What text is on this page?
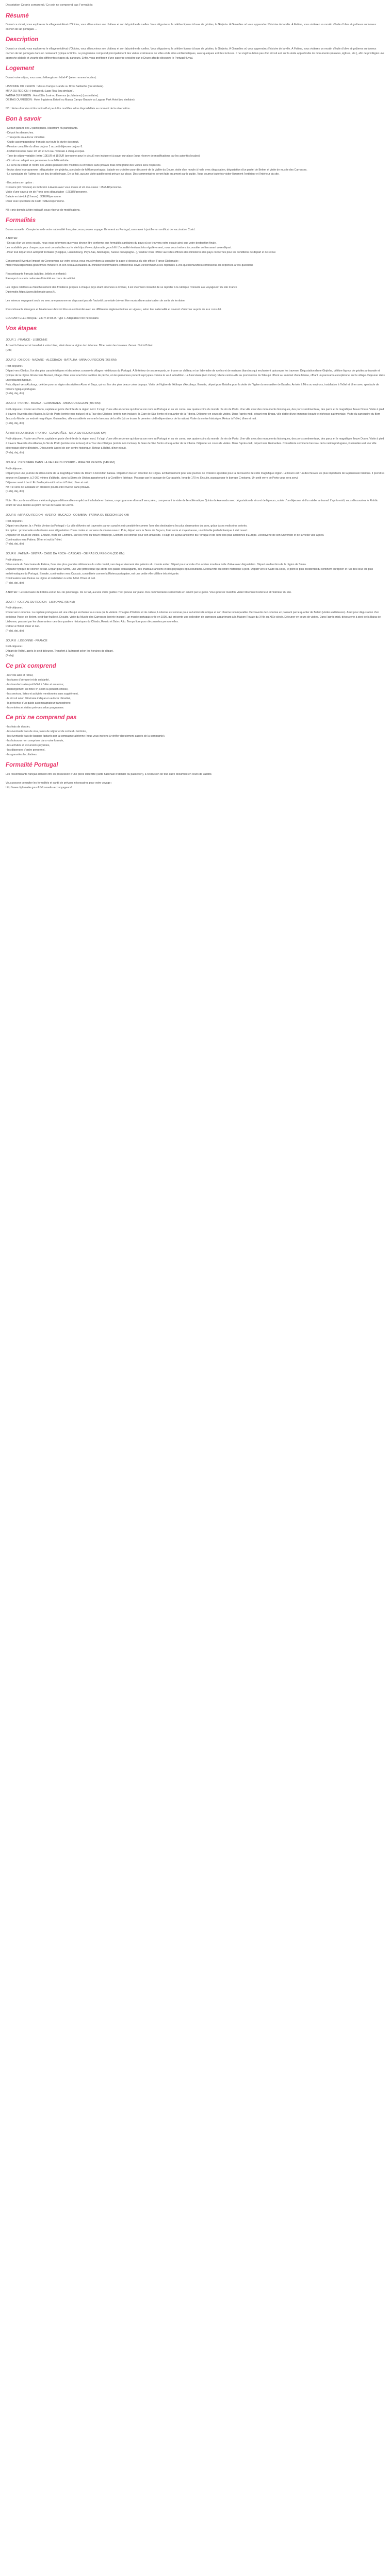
Description Ce prix comprend / Ce prix ne comprend pas Formalités
Résumé

Durant ce circuit, vous explorerez le village médiéval d'Óbidos, vous découvrirez son château et son labyrinthe de ruelles. Vous dégusterez la célèbre liqueur à base de griottes, la Ginjinha. À Gimarães où vous apprendrez l'histoire de la ville. À Fatima, vous visiterez un moulin d'huile d'olive et goûterez au fameux cochon de lait portugais ...

Description

Durant ce circuit, vous explorerez le village médiéval d'Óbidos, vous découvrirez son château et son labyrinthe de ruelles. Vous dégusterez la célèbre liqueur à base de griottes, la Ginjinha. À Gimarães où vous apprendrez l'histoire de la ville. À Fatima, vous visiterez un moulin d'huile d'olive et goûterez au fameux cochon de lait portugais dans un restaurant typique à Sintra. Le programme comprend principalement des visites extérieures de villes et de sites emblématiques, avec quelques entrées incluses. Il ne s'agit toutefois pas d'un circuit axé sur la visite approfondie de monuments (musées, églises, etc.), afin de privilégier une approche globale et vivante des différentes étapes du parcours. Enfin, vous profiterez d'une superbe croisière sur le Douro afin de découvrir le Portugal fluvial.

Logement

Durant votre séjour, vous serez hébergés en hôtel 4* (selon normes locales) :

LISBONNE OU REGION : Massa Campo Grande ou Dmoi Saldanha (ou similaire).
MIRA OU REGION : Heritade du Lago Real (ou similaire).
FATIMA OU REGION : Hotel São José ou Essence (ex Mariano) (ou similaire).
OEIRAS OU REGION : Hotel Inglaterra Estoril ou Massa Campo Grande ou Lagoas Park Hotel (ou similaire).

NB : Notes données à titre indicatif et peut être modifiés selon disponibilités au moment de la réservation.

Bon à savoir
- Départ garanti dès 2 participants. Maximum 45 participants.
- Départ les dimanches.
- Transports en autocar climatisé.
- Guide accompagnateur francais sur toute la durée du circuit.
- Pension complète du dîner du jour 1 au petit déjeuner du jour 8.
- Forfait boissons base 1/4 vin et 1/4 eau minérale à chaque repas.
- Taxe de séjour variable (entre 10EUR et 15EUR /personne pour le circuit) non incluse et à payer sur place (sous réserve de modifications par les autorités locales)
- Circuit non adapté aux personnes à mobilité réduite.
- Le sens du circuit et l'ordre des visites peuvent être modifiés ou inversés sans préavis mais l'intégralité des visites sera respectée.
- Inclus dans le programme : dégustation de ginjinha, spectacle de folklore portugais, balade en croisière pour découvrir de la Vallée du Douro, visite d'un moulin à huile avec dégustation, dégustation d'un pastel de Belem et visite de musée des Carrosses.
- Le sanctuaire de Fatima est un lieu de pèlerinage. De ce fait, aucune visite guidée n'est prévue sur place. Des commentaires seront faits en amont par le guide. Vous pourrez toutefois visiter librement l'extérieur et l'intérieur du site.
- Excursions en option :
Croisière (45 minutes) en moliceiro à Aveiro avec vous moles et vin mousseux : 25EUR/personne.
Visite d'une cave à vin de Porto avec dégustation : 17EUR/personne.
Balade en tuk-tuk (1 heure) : 33EUR/personne.
Dîner avec spectacle de Fado : 68EUR/personne.

NB : prix donnés à titre indicatif, sous réserve de modifications.

Formalités

Bonne nouvelle : Compte tenu de votre nationalité française, vous pouvez voyager librement au Portugal, sans avoir à justifier un certificat de vaccination Covid.

A NOTER

- En cas d'un vol avec escale, nous vous informons que vous devrez être conforme aux formalités sanitaires du pays où se trouvera votre escale ainsi que votre destination finale.
Les modalités pour chaque pays sont consultables sur le site https://www.diplomatie.gouv.fr/fr/ L'actualité évoluant très régulièrement, nous vous invitons à consulter ce lien avant votre départ.
- Pour tout départ d'un aéroport frontalier (Belgique, Luxembourg, Pays-Bas, Allemagne, Suisse ou Espagne...), veuillez vous référer aux sites officiels des ministères des pays concernés pour les conditions de départ et de retour.

Concernant l'éventuel impact du Coronavirus sur votre séjour, nous vous invitons à consulter la page ci-dessous du site officiel France Diplomatie :
https://www.diplomatie.gouv.fr/fr/le-ministere-et-son-reseau/actualites-du-ministere/informations-coronavirus-covid-19/coronavirus-les-reponses-a-vos-questions/article/coronavirus-les-reponses-a-vos-questions

Ressortissants français (adultes, bébés et enfants) :
Passeport ou carte nationale d'identité en cours de validité.

Les règles relatives au franchissement des frontières propres à chaque pays étant amenées à évoluer, il est vivement conseillé de se reporter à la rubrique "conseils aux voyageurs" du site France
Diplomatie,https://www.diplomatie.gouv.fr/.

Les mineurs voyageant seuls ou avec une personne ne disposant pas de l'autorité parentale doivent être munis d'une autorisation de sortie de territoire.

Ressortissants étrangers et binationaux devront être en conformité avec les différentes réglementations en vigueur, selon leur nationalité et devront s'informer auprès de leur consulat.

COURANT ELECTRIQUE : 230 V et 50Hz. Type F. Adaptateur non nécessaire.

Vos étapes
JOUR 1 : FRANCE - LISBONNE

Accueil à l'aéroport et transfert à votre hôtel, situé dans la région de Lisbonne. Dîner selon les horaires d'envol. Nuit à l'hôtel.
(Dm)

JOUR 2 : OBIDOS - NAZARE - ALCOBACA - BATALHA - MIRA OU REGION (265 KM)

Petit-déjeuner.
Départ vers Obidos, l'un des plus caractéristiques et des mieux conservés villages médiévaux du Portugal. À l'intérieur de ses remparts, on trouve un château et un labyrinthe de ruelles et de maisons blanches qui enchantent quiconque les traverse. Dégustation d'une Ginjinha, célèbre liqueur de griottes artisanale et typique de la région. Route vers Nazaré, village côtier avec une forte tradition de pêche, où les personnes portent sept jupes comme le veut la tradition. Le funiculaire (non inclus) relie le centre-ville au promontoire du Sitio qui offrent au sommet d'une falaise, offrant un panorama exceptionnel sur le village. Déjeuner dans un restaurant typique.
Puis, départ vers Alcobaça, célèbre pour sa région des rivières Alcoa et Baça, qui est l'un des plus beaux coins du pays. Visite de l'église de l'Abbaye d'Alcobaça. Ensuite, départ pour Batalha pour la visite de l'église du monastère de Batalha. Arrivée à Mira ou environs, installation à l'hôtel et dîner avec spectacle de folklore typique portugais.
(P-dej, dej, din)

JOUR 3 : PORTO - BRAGA - GUIMARAES - MIRA OU REGION (300 KM)

Petit-déjeuner. Route vers Porto, capitale et porte d'entrée de la région nord. Il s'agit d'une ville ancienne qui donna son nom au Portugal et au vin connu aux quatre coins du monde : le vin de Porto. Une ville avec des monuments historiques, des ports sentimentaux, des parcs et le magnifique fleuve Douro. Visite à pied à travers l'Avenida dos Aliados, la Sé de Porto (entrée non incluse) et la Tour des Clérigos (entrée non incluse), la Gare de São Bento et le quartier de la Ribeira. Déjeuner en cours de visites. Dans l'après-midi, départ vers Braga, ville dotée d'une immense beauté et richesse patrimoniale. Visite du sanctuaire du Bom Jesus do Monte, un endroit magnifique. Guimarães, ville considérée comme le berceau de la ville (où se trouve le premier roi d'indépendance de la nation). Visite du centre historique. Retour à l'hôtel, dîner et nuit.
(P-dej, dej, din)

À PARTIR DU 29/3/26 : PORTO - GUIMARÃES - MIRA OU REGION (300 KM)

Petit-déjeuner. Route vers Porto, capitale et porte d'entrée de la région nord. Il s'agit d'une ville ancienne qui donna son nom au Portugal et au vin connu aux quatre coins du monde : le vin de Porto. Une ville avec des monuments historiques, des ports sentimentaux, des parcs et le magnifique fleuve Douro. Visite à pied à travers l'Avenida dos Aliados, la Sé de Porto (entrée non incluse) et la Tour des Clérigos (entrée non incluse), la Gare de São Bento et le quartier de la Ribeira. Déjeuner en cours de visites. Dans l'après-midi, départ vers Guimarães. Considérée comme le berceau de la nation portugaise, Guimarães est une ville pittoresque pleine d'histoire. Découverte à pied de son centre historique. Retour à l'hôtel, dîner et nuit.
(P-dej, dej, din)

JOUR 4 : CROISIERE DANS LA VALLEE DU DOURO - MIRA OU REGION (340 KM)

Petit-déjeuner.
Départ pour une journée de découverte de la magnifique vallée du Douro à bord d'un bateau. Départ en bus en direction de Régua. Embarquement pour une journée de croisière agréable pour la découverte de cette magnifique région. Le Douro est l'un des fleuves les plus importants de la péninsule Ibérique. Il prend sa source en Espagne, à 2 060 mètres d'altitude, dans la Sierra de Urbion appartenant à la Cordillère Ibérique. Passage par le barrage de Carrapatelo, long de 170 m. Ensuite, passage par le barrage Crestuma. Un petit verre de Porto vous sera servi.
Déjeuner servi à bord. En fin d'après-midi retour à l'hôtel, dîner et nuit.
NB : le sens de la balade en croisière pourra être inversé sans préavis.
(P-dej, dej, din)

Note : En cas de conditions météorologiques défavorables empêchant la balade en bateau, un programme alternatif sera prévu, comprenant la visite de l'emblématique Quinta da Avessada avec dégustation de vins et de liqueurs, suivie d'un déjeuner et d'un atelier artisanal. L'après-midi, vous découvrirez le Pinhão avant de vous rendre au point de vue de Casal de Loivos.

JOUR 5 : MIRA OU REGION - AVEIRO - BUCACO - COIMBRA - FATIMA OU REGION (190 KM)

Petit-déjeuner.
Départ vers Aveiro, la « Petite Venise du Portugal » La ville d'Aveiro est traversée par un canal et est considérée comme l'une des destinations les plus charmantes du pays, grâce à ses moliceiros colorés.
En option : promenade en Moliceiro avec dégustation d'ovos moles et un verre de vin mousseux. Puis, départ vers la Serra do Buçaco, forêt verte et majestueuse, un véritable jardin botanique à ciel ouvert.
Déjeuner en cours de visites. Ensuite, visite de Coimbra. Sur les rives du fleuve Mondego, Coimbra est connue pour son université. Il s'agit de la plus ancienne du Portugal et de l'une des plus anciennes d'Europe. Découverte de son Université et de la vieille ville à pied.
Continuation vers Fatima. Dîner et nuit à l'hôtel.
(P-dej, dej, din)

JOUR 6 : FATIMA - SINTRA - CABO DA ROCA - CASCAIS - OEIRAS OU REGION (230 KM)

Petit-déjeuner.
Découverte du Sanctuaire de Fatima, l'une des plus grandes références du culte marial, vers lequel viennent des pèlerins du monde entier. Départ pour la visite d'un ancien moulin à huile d'olive avec dégustation. Départ en direction de la région de Sintra.
Déjeuner typique de cochon de lait. Départ pour Sintra, une ville pittoresque qui abrite des palais extravagants, des châteaux anciens et des paysages époustouflants. Découverte du centre historique à pied. Départ vers le Cabo da Roca, le point le plus occidental du continent européen et l'un des lieux les plus emblématiques du Portugal. Ensuite, continuation vers Cascais, considérée comme la Riviera portugaise, est une petite ville célèbre très élégante.
Continuation vers Oeiras ou région et installation à votre hôtel. Dîner et nuit.
(P-dej, dej, din)

A NOTER : Le sanctuaire de Fátima est un lieu de pèlerinage. De ce fait, aucune visite guidée n'est prévue sur place. Des commentaires seront faits en amont par le guide. Vous pourrez toutefois visiter librement l'extérieur et l'intérieur du site.

JOUR 7 : OEIRAS OU REGION - LISBONNE (65 KM)

Petit-déjeuner.
Route vers Lisbonne. La capitale portugaise est une ville qui enchante tous ceux qui la visitent. Chargée d'histoire et de culture, Lisbonne est connue pour sa luminosité unique et son charme incomparable. Découverte de Lisbonne en passant par le quartier de Belem (visites extérieures). Arrêt pour dégustation d'un délicieux Pastel de Belem, petit flan feuilleté. Ensuite, visite du Musée des Carrosses (entrée incluse), un musée portugais créé en 1905, qui présente une collection de carrosses appartenant à la Maison Royale du XVIe au XIXe siècle. Déjeuner en cours de visites. Dans l'après-midi, découverte à pied de la Baixa de Lisbonne, passant par les charmantes rues des quartiers historiques du Chiado, Rossio et Bairro Alto. Temps libre pour découvertes personnelles.
Retour à l'hôtel, dîner et nuit.
(P-dej, dej, din)

JOUR 8 : LISBONNE - FRANCE

Petit-déjeuner.
Départ de l'hôtel, après le petit déjeuner. Transfert à l'aéroport selon les horaires de départ.
(P-dej)

Ce prix comprend
- les vols aller et retour,
- les taxes d'aéroport et de solidarité,
- les transferts aéroport/hôtel à l'aller et au retour,
- l'hébergement en hôtel 4*, selon la pension choisie,
- les services, listes et activités mentionnés sans supplément,
- le circuit selon l'itinéraire indiqué en autocar climatisé,
- la présence d'un guide accompagnateur francophone,
- les entrées et visites prévues selon programme.
Ce prix ne comprend pas
- les frais de dossier,
- les éventuels frais de visa, taxes de séjour et de sortie du territoire,
- les éventuels frais de bagage facturés par la compagnie aérienne (nous vous invitons à vérifier directement auprès de la compagnie),
- les boissons non comprises dans votre formule,
- les activités et excursions payantes,
- les dépenses d'ordre personnel,
- les garanties facultatives.
Formalité Portugal

Les ressortissants français doivent être en possession d'une pièce d'identité (carte nationale d'identité ou passeport), à l'exclusion de tout autre document en cours de validité.

Vous pouvez consulter les formalités et santé de prévues nécessaires pour votre voyage :
http://www.diplomatie.gouv.fr/fr/conseils-aux-voyageurs/
